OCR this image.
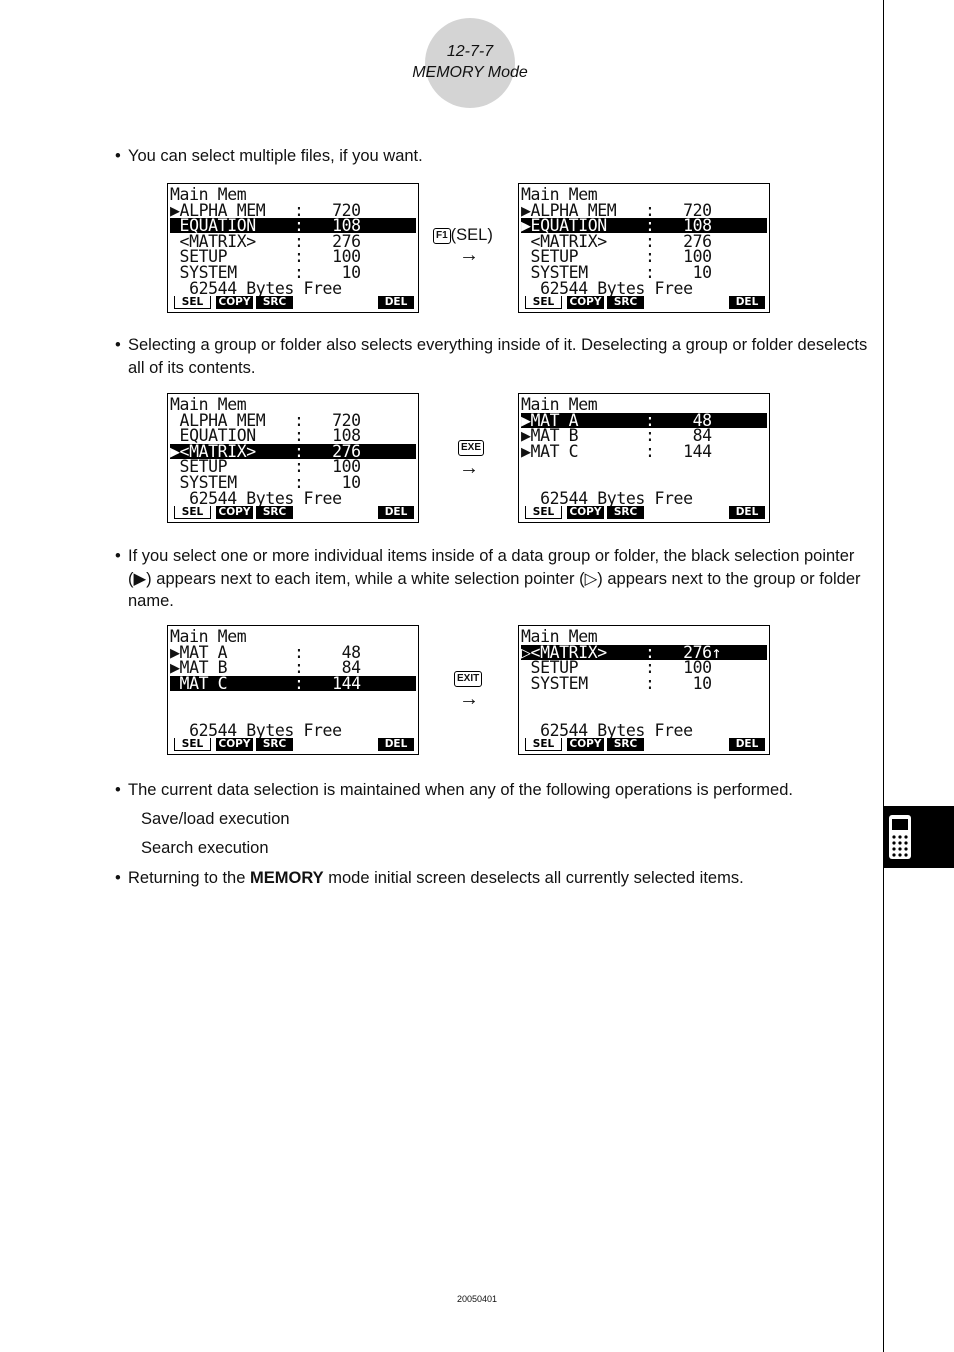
12-7-7
MEMORY Mode
• You can select multiple files, if you want.
Main Mem
▶ALPHA MEM   :   720
EQUATION    :   108
<MATRIX>    :   276
SETUP       :   100
SYSTEM      :    10
62544 Bytes Free
SEL	COPY	SRC	DEL
F1 (SEL)
→
Main Mem
▶ALPHA MEM   :   720
▶EQUATION    :   108
<MATRIX>    :   276
SETUP       :   100
SYSTEM      :    10
62544 Bytes Free
SEL	COPY	SRC	DEL
• Selecting a group or folder also selects everything inside of it. Deselecting a group or folder deselects all of its contents.
Main Mem
ALPHA MEM   :   720
EQUATION    :   108
▶<MATRIX>    :   276
SETUP       :   100
SYSTEM      :    10
62544 Bytes Free
SEL	COPY	SRC	DEL
EXE
→
Main Mem
▶MAT A       :    48
▶MAT B       :    84
▶MAT C       :   144
62544 Bytes Free
SEL	COPY	SRC	DEL
• If you select one or more individual items inside of a data group or folder, the black selection pointer (▶) appears next to each item, while a white selection pointer (▷) appears next to the group or folder name.
Main Mem
▶MAT A       :    48
▶MAT B       :    84
MAT C       :   144
62544 Bytes Free
SEL	COPY	SRC	DEL
EXIT
→
Main Mem
▷<MATRIX>    :   276↑
SETUP       :   100
SYSTEM      :    10
62544 Bytes Free
SEL	COPY	SRC	DEL
• The current data selection is maintained when any of the following operations is performed.
Save/load execution
Search execution
• Returning to the MEMORY mode initial screen deselects all currently selected items.
20050401
